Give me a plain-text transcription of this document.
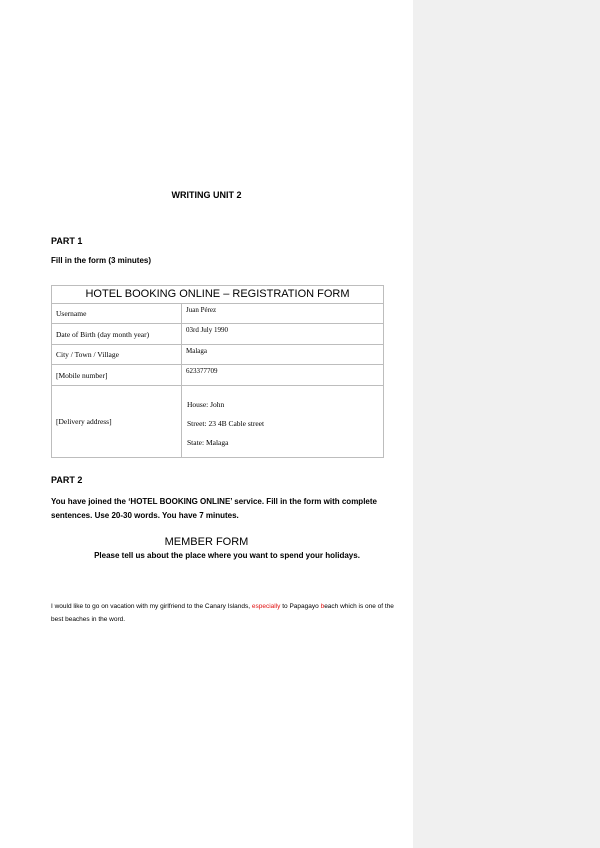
WRITING UNIT 2
PART 1
Fill in the form (3 minutes)
HOTEL BOOKING ONLINE – REGISTRATION FORM	
Username	Juan Pérez
Date of Birth (day month year)	03rd July 1990
City / Town / Village	Malaga
[Mobile number]	623377709
[Delivery address]	House: John
Street: 23 4B Cable street
State: Malaga
PART 2
You have joined the ‘HOTEL BOOKING ONLINE’ service. Fill in the form with complete sentences. Use 20-30 words. You have 7 minutes.
MEMBER FORM
Please tell us about the place where you want to spend your holidays.
I would like to go on vacation with my girlfriend to the Canary Islands, especially to Papagayo beach which is one of the best beaches in the word.
